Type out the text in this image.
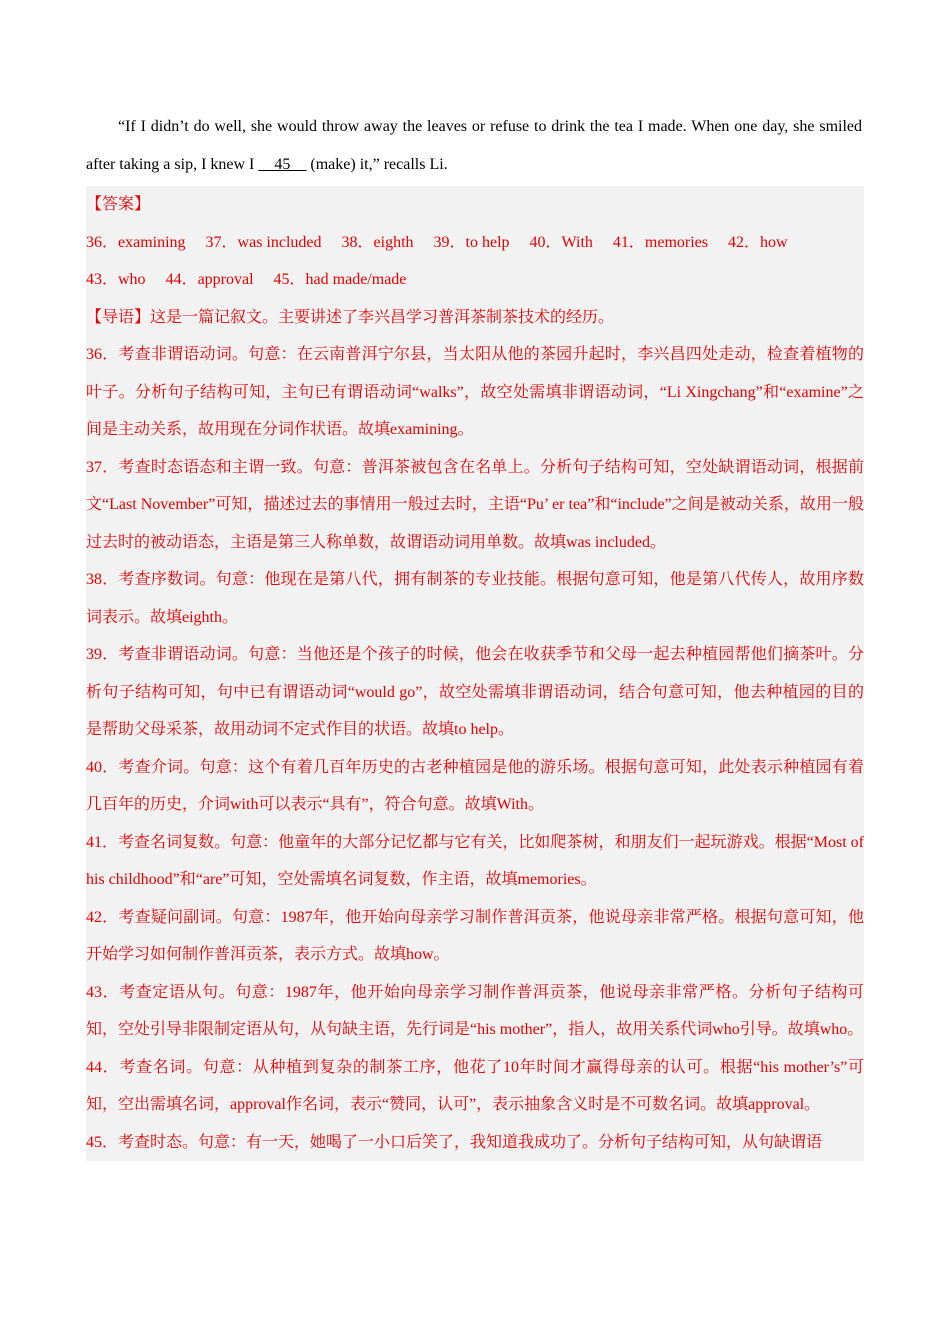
“If I didn’t do well, she would throw away the leaves or refuse to drink the tea I made. When one day, she smiled after taking a sip, I knew I __45__ (make) it,” recalls Li.

【答案】
36．examining 37．was included 38．eighth 39．to help 40．With 41．memories 42．how
43．who 44．approval 45．had made/made
【导语】这是一篇记叙文。主要讲述了李兴昌学习普洱茶制茶技术的经历。
36．考查非谓语动词。句意：在云南普洱宁尔县，当太阳从他的茶园升起时，李兴昌四处走动，检查着植物的叶子。分析句子结构可知，主句已有谓语动词“walks”，故空处需填非谓语动词，“Li Xingchang”和“examine”之间是主动关系，故用现在分词作状语。故填examining。
37．考查时态语态和主谓一致。句意：普洱茶被包含在名单上。分析句子结构可知，空处缺谓语动词，根据前文“Last November”可知，描述过去的事情用一般过去时，主语“Pu’ er tea”和“include”之间是被动关系，故用一般过去时的被动语态，主语是第三人称单数，故谓语动词用单数。故填was included。
38．考查序数词。句意：他现在是第八代，拥有制茶的专业技能。根据句意可知，他是第八代传人，故用序数词表示。故填eighth。
39．考查非谓语动词。句意：当他还是个孩子的时候，他会在收获季节和父母一起去种植园帮他们摘茶叶。分析句子结构可知，句中已有谓语动词“would go”，故空处需填非谓语动词，结合句意可知，他去种植园的目的是帮助父母采茶，故用动词不定式作目的状语。故填to help。
40．考查介词。句意：这个有着几百年历史的古老种植园是他的游乐场。根据句意可知，此处表示种植园有着几百年的历史，介词with可以表示“具有”，符合句意。故填With。
41．考查名词复数。句意：他童年的大部分记忆都与它有关，比如爬茶树，和朋友们一起玩游戏。根据“Most of his childhood”和“are”可知，空处需填名词复数，作主语，故填memories。
42．考查疑问副词。句意：1987年，他开始向母亲学习制作普洱贡茶，他说母亲非常严格。根据句意可知，他开始学习如何制作普洱贡茶，表示方式。故填how。
43．考查定语从句。句意：1987年，他开始向母亲学习制作普洱贡茶，他说母亲非常严格。分析句子结构可知，空处引导非限制定语从句，从句缺主语，先行词是“his mother”，指人，故用关系代词who引导。故填who。
44．考查名词。句意：从种植到复杂的制茶工序，他花了10年时间才赢得母亲的认可。根据“his mother’s”可知，空出需填名词，approval作名词，表示“赞同，认可”，表示抽象含义时是不可数名词。故填approval。
45．考查时态。句意：有一天，她喝了一小口后笑了，我知道我成功了。分析句子结构可知，从句缺谓语
